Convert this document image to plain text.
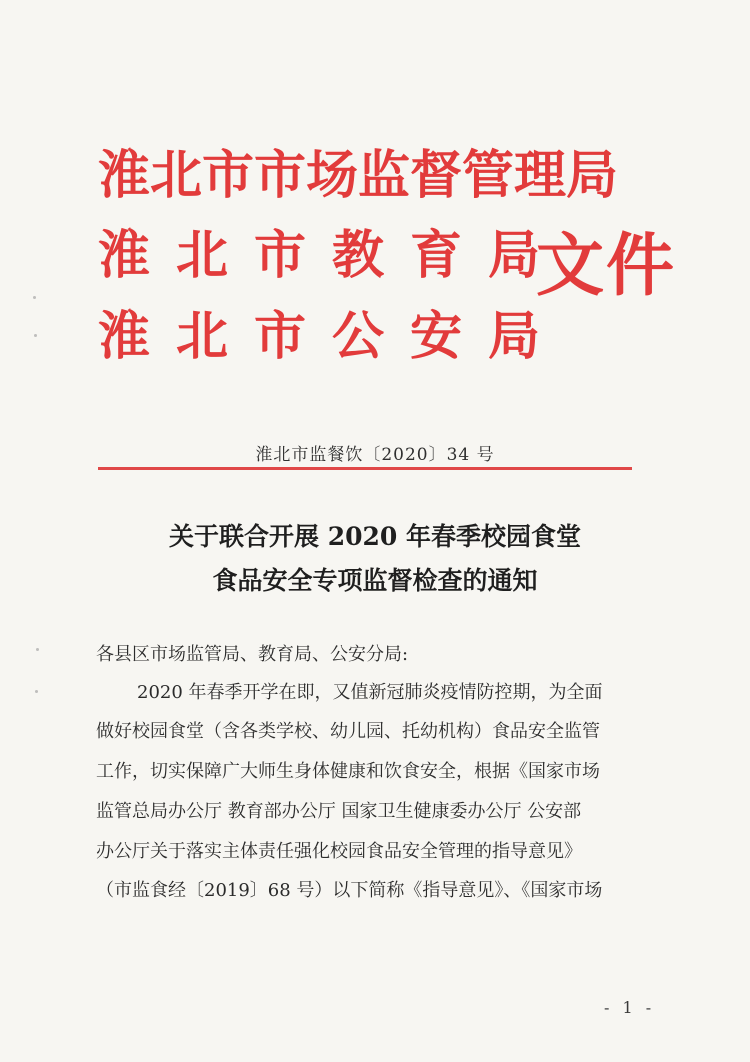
淮北市市场监督管理局
淮北市教育局
淮北市公安局
文件
淮北市监餐饮〔2020〕34 号
关于联合开展 2020 年春季校园食堂
食品安全专项监督检查的通知
各县区市场监管局、教育局、公安分局:
2020 年春季开学在即，又值新冠肺炎疫情防控期，为全面
做好校园食堂（含各类学校、幼儿园、托幼机构）食品安全监管
工作，切实保障广大师生身体健康和饮食安全，根据《国家市场
监管总局办公厅 教育部办公厅 国家卫生健康委办公厅 公安部
办公厅关于落实主体责任强化校园食品安全管理的指导意见》
（市监食经〔2019〕68 号）以下简称《指导意见》、《国家市场
- 1 -
